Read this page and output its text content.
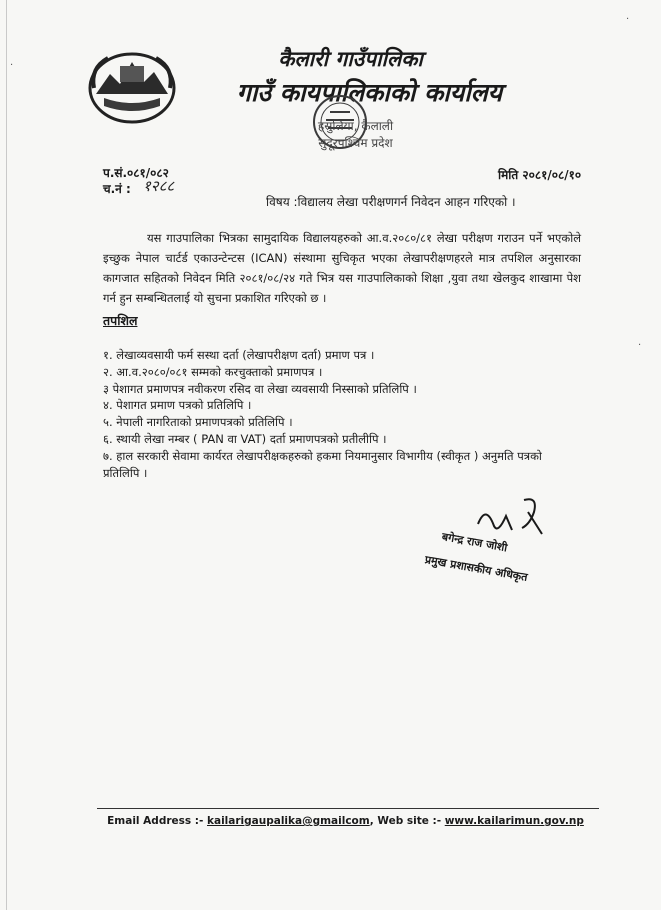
कैलारी गाउँपालिका
गाउँ कायपालिकाको कार्यालय
हसुलिया, कैलाली
सुदूरपश्चिम प्रदेश
प.सं.०८१/०८२
च.नं : १२८८
मिति २०८१/०८/१०
विषय :विद्यालय लेखा परीक्षणगर्न निवेदन आहन गरिएको ।
यस गाउपालिका भित्रका सामुदायिक विद्यालयहरुको आ.व.२०८०/८१ लेखा परीक्षण गराउन पर्ने भएकोले इच्छुक नेपाल चार्टर्ड एकाउन्टेन्टस (ICAN) संस्थामा सुचिकृत भएका लेखापरीक्षणहरले मात्र तपशिल अनुसारका कागजात सहितको निवेदन मिति २०८१/०८/२४ गते भित्र यस गाउपालिकाको शिक्षा ,युवा तथा खेलकुद शाखामा पेश गर्न हुन सम्बन्धितलाई यो सुचना प्रकाशित गरिएको छ ।
तपशिल
१. लेखाव्यवसायी फर्म सस्था दर्ता (लेखापरीक्षण दर्ता) प्रमाण पत्र ।
२. आ.व.२०८०/०८१ सम्मको करचुक्ताको प्रमाणपत्र ।
३ पेशागत प्रमाणपत्र नवीकरण रसिद वा लेखा व्यवसायी निस्साको प्रतिलिपि ।
४. पेशागत प्रमाण पत्रको प्रतिलिपि ।
५. नेपाली नागरिताको प्रमाणपत्रको प्रतिलिपि ।
६. स्थायी लेखा नम्बर ( PAN वा VAT) दर्ता प्रमाणपत्रको प्रतीलीपि ।
७. हाल सरकारी सेवामा कार्यरत लेखापरीक्षकहरुको हकमा नियमानुसार विभागीय (स्वीकृत ) अनुमति पत्रको प्रतिलिपि ।
बगेन्द्र राज जोशी
प्रमुख प्रशासकीय अधिकृत
Email Address :- kailarigaupalika@gmailcom, Web site :- www.kailarimun.gov.np
·
·
·
